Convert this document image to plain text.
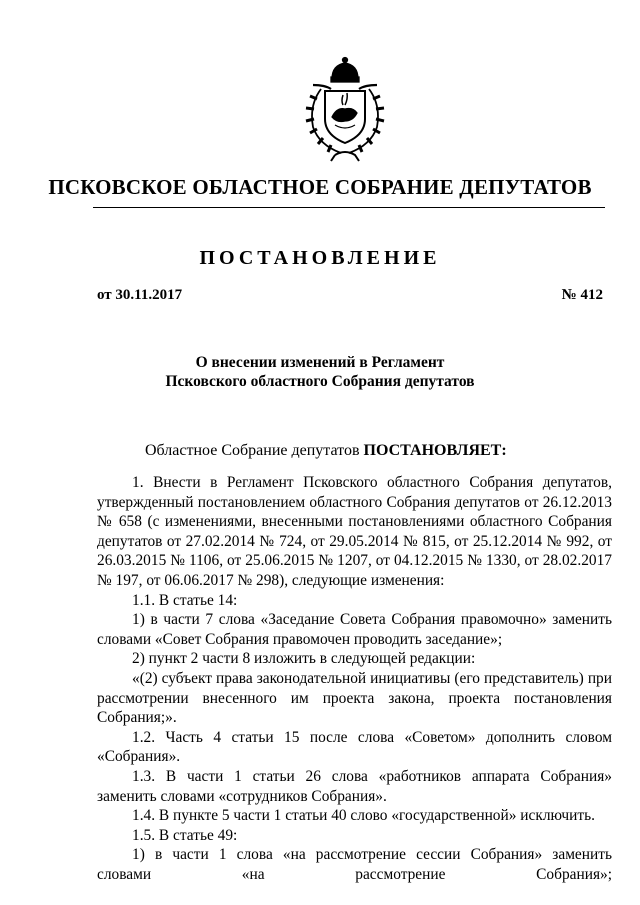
ПСКОВСКОЕ ОБЛАСТНОЕ СОБРАНИЕ ДЕПУТАТОВ
ПОСТАНОВЛЕНИЕ
от 30.11.2017	№ 412
О внесении изменений в Регламент
Псковского областного Собрания депутатов
Областное Собрание депутатов ПОСТАНОВЛЯЕТ:

1. Внести в Регламент Псковского областного Собрания депутатов, утвержденный постановлением областного Собрания депутатов от 26.12.2013 № 658 (с изменениями, внесенными постановлениями областного Собрания депутатов от 27.02.2014 № 724, от 29.05.2014 № 815, от 25.12.2014 № 992, от 26.03.2015 № 1106, от 25.06.2015 № 1207, от 04.12.2015 № 1330, от 28.02.2017 № 197, от 06.06.2017 № 298), следующие изменения:

1.1. В статье 14:

1) в части 7 слова «Заседание Совета Собрания правомочно» заменить словами «Совет Собрания правомочен проводить заседание»;

2) пункт 2 части 8 изложить в следующей редакции:

«(2) субъект права законодательной инициативы (его представитель) при рассмотрении внесенного им проекта закона, проекта постановления Собрания;».

1.2. Часть 4 статьи 15 после слова «Советом» дополнить словом «Собрания».

1.3. В части 1 статьи 26 слова «работников аппарата Собрания» заменить словами «сотрудников Собрания».

1.4. В пункте 5 части 1 статьи 40 слово «государственной» исключить.

1.5. В статье 49:

1) в части 1 слова «на рассмотрение сессии Собрания» заменить словами «на рассмотрение Собрания»;
